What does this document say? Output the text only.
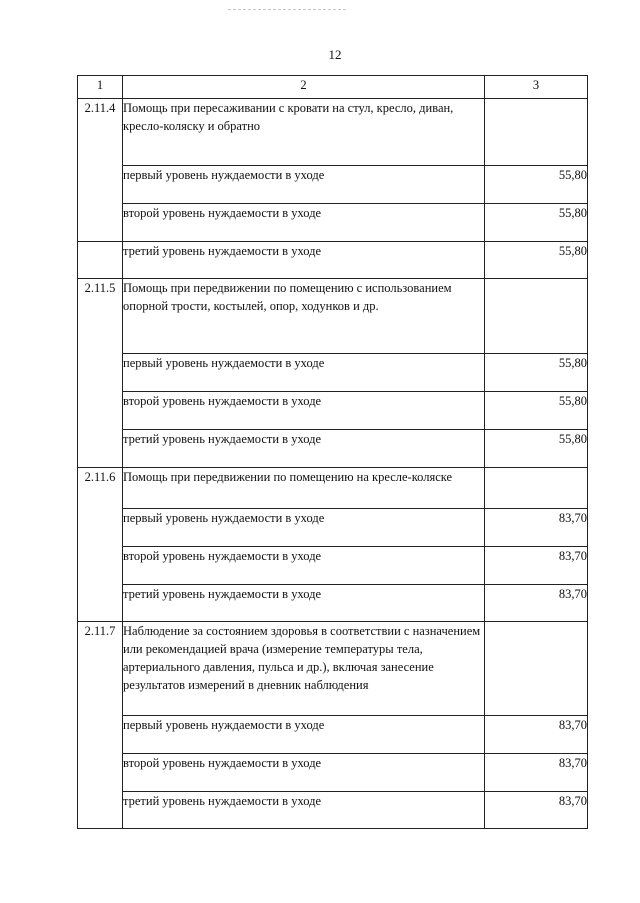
12
1	2	3
2.11.4	Помощь при пересаживании с кровати на стул, кресло, диван, кресло-коляску и обратно	

	первый уровень нуждаемости в уходе	55,80

	второй уровень нуждаемости в уходе	55,80

	третий уровень нуждаемости в уходе	55,80
2.11.5	Помощь при передвижении по помещению с использованием опорной трости, костылей, опор, ходунков и др.	

	первый уровень нуждаемости в уходе	55,80

	второй уровень нуждаемости в уходе	55,80

	третий уровень нуждаемости в уходе	55,80
2.11.6	Помощь при передвижении по помещению на кресле-коляске	

	первый уровень нуждаемости в уходе	83,70

	второй уровень нуждаемости в уходе	83,70

	третий уровень нуждаемости в уходе	83,70
2.11.7	Наблюдение за состоянием здоровья в соответствии с назначением или рекомендацией врача (измерение температуры тела, артериального давления, пульса и др.), включая занесение результатов измерений в дневник наблюдения	

	первый уровень нуждаемости в уходе	83,70

	второй уровень нуждаемости в уходе	83,70

	третий уровень нуждаемости в уходе	83,70
